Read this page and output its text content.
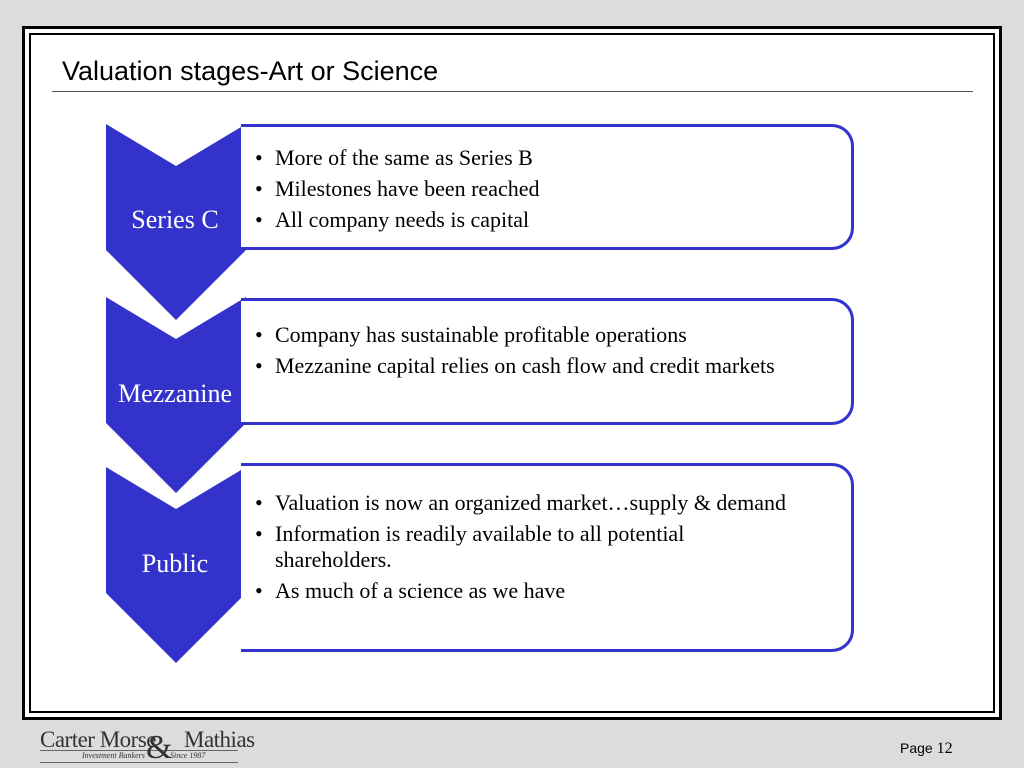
Valuation stages-Art or Science
Series C
• More of the same as Series B
• Milestones have been reached
• All company needs is capital
Mezzanine
• Company has sustainable profitable operations
• Mezzanine capital relies on cash flow and credit markets
Public
• Valuation is now an organized market…supply & demand
• Information is readily available to all potential shareholders.
• As much of a science as we have
Carter Morse Mathias
&
Investment Bankers	Since 1987	Page 12
